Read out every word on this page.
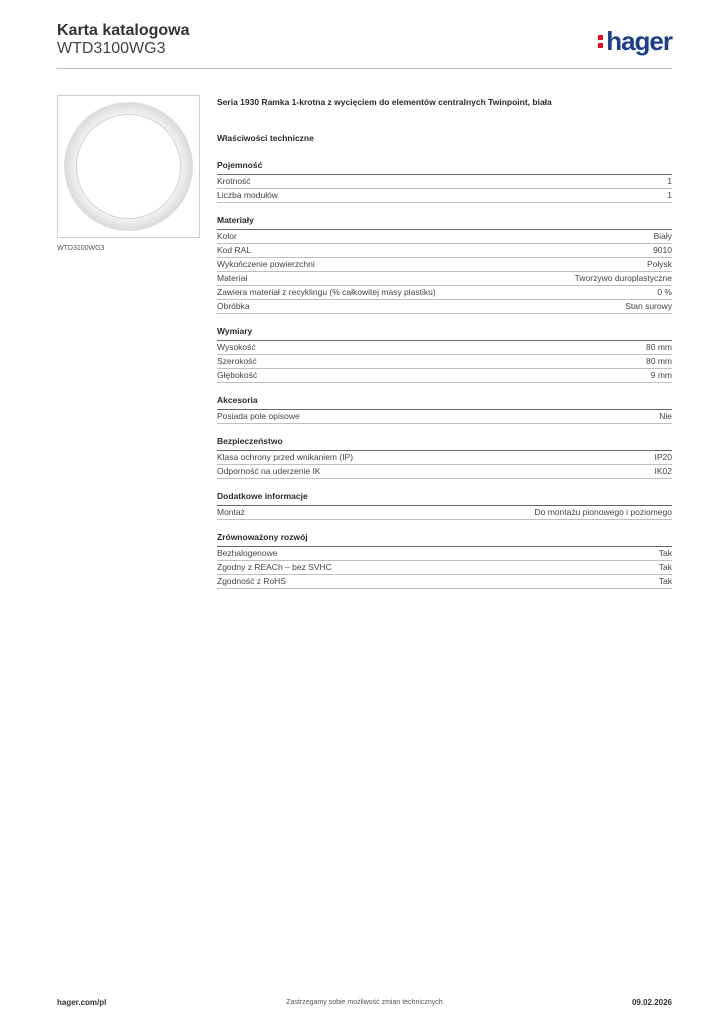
Karta katalogowa

WTD3100WG3	hager
WTD3100WG3
Seria 1930 Ramka 1-krotna z wycięciem do elementów centralnych Twinpoint, biała
Właściwości techniczne
Pojemność
Krotność	1
Liczba modułów	1
Materiały
Kolor	Biały
Kod RAL	9010
Wykończenie powierzchni	Połysk
Materiał	Tworzywo duroplastyczne
Zawiera materiał z recyklingu (% całkowitej masy plastiku)	0 %
Obróbka	Stan surowy
Wymiary
Wysokość	80 mm
Szerokość	80 mm
Głębokość	9 mm
Akcesoria
Posiada pole opisowe	Nie
Bezpieczeństwo
Klasa ochrony przed wnikaniem (IP)	IP20
Odporność na uderzenie IK	IK02
Dodatkowe informacje
Montaż	Do montażu pionowego i poziomego
Zrównoważony rozwój
Bezhalogenowe	Tak
Zgodny z REACh – bez SVHC	Tak
Zgodność z RoHS	Tak
hager.com/pl	Zastrzegamy sobie możliwość zmian technicznych	09.02.2026
